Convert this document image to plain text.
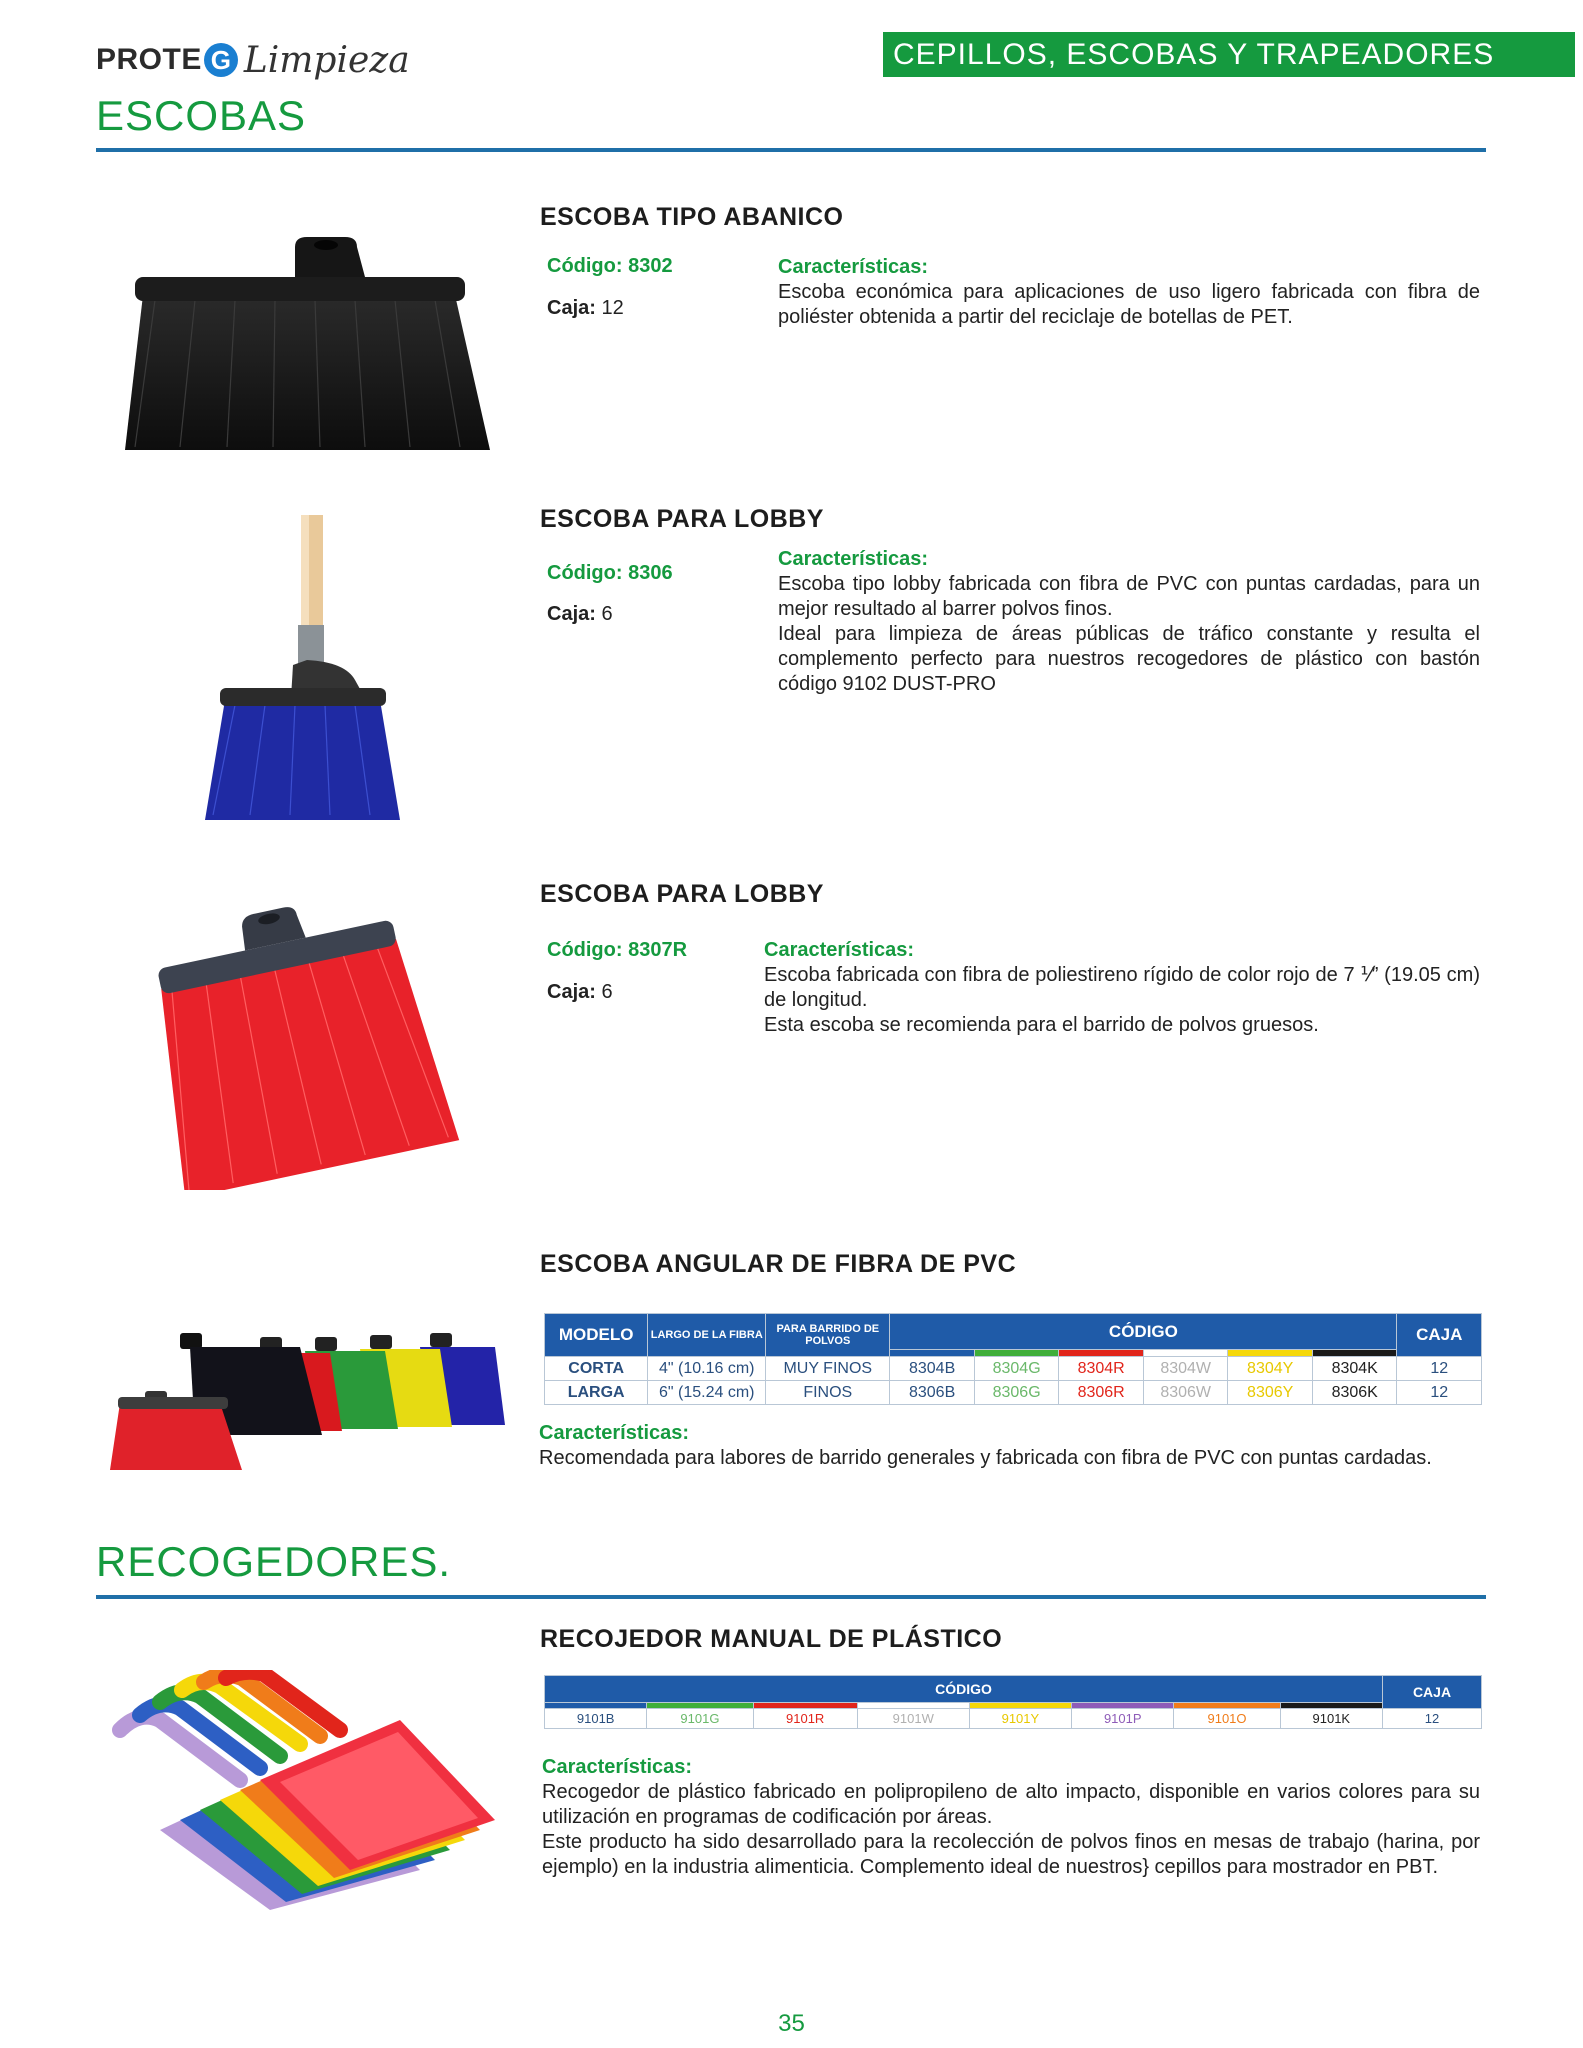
PROTE G Limpieza	CEPILLOS, ESCOBAS Y TRAPEADORES
ESCOBAS
ESCOBA TIPO ABANICO
Código: 8302
Caja: 12
Características:

Escoba económica para aplicaciones de uso ligero fabricada con fibra de poliéster obtenida a partir del reciclaje de botellas de PET.

ESCOBA PARA LOBBY
Código: 8306
Caja: 6
Características:

Escoba tipo lobby fabricada con fibra de PVC con puntas cardadas, para un mejor resultado al barrer polvos finos.

Ideal para limpieza de áreas públicas de tráfico constante y resulta el complemento perfecto para nuestros recogedores de plástico con bastón código 9102 DUST-PRO

ESCOBA PARA LOBBY
Código: 8307R
Caja: 6
Características:

Escoba fabricada con fibra de poliestireno rígido de color rojo de 7 ⅟” (19.05 cm) de longitud.

Esta escoba se recomienda para el barrido de polvos gruesos.

ESCOBA ANGULAR DE FIBRA DE PVC
MODELO	LARGO DE LA FIBRA	PARA BARRIDO DE POLVOS	CÓDIGO						CAJA

CORTA	4" (10.16 cm)	MUY FINOS	8304B	8304G	8304R	8304W	8304Y	8304K	12
LARGA	6" (15.24 cm)	FINOS	8306B	8306G	8306R	8306W	8306Y	8306K	12
Características:

Recomendada para labores de barrido generales y fabricada con fibra de PVC con puntas cardadas.

RECOGEDORES.
RECOJEDOR MANUAL DE PLÁSTICO
CÓDIGO								CAJA

9101B	9101G	9101R	9101W	9101Y	9101P	9101O	9101K	12
Características:

Recogedor de plástico fabricado en polipropileno de alto impacto, disponible en varios colores para su utilización en programas de codificación por áreas.

Este producto ha sido desarrollado para la recolección de polvos finos en mesas de trabajo (harina, por ejemplo) en la industria alimenticia. Complemento ideal de nuestros} cepillos para mostrador en PBT.

35
